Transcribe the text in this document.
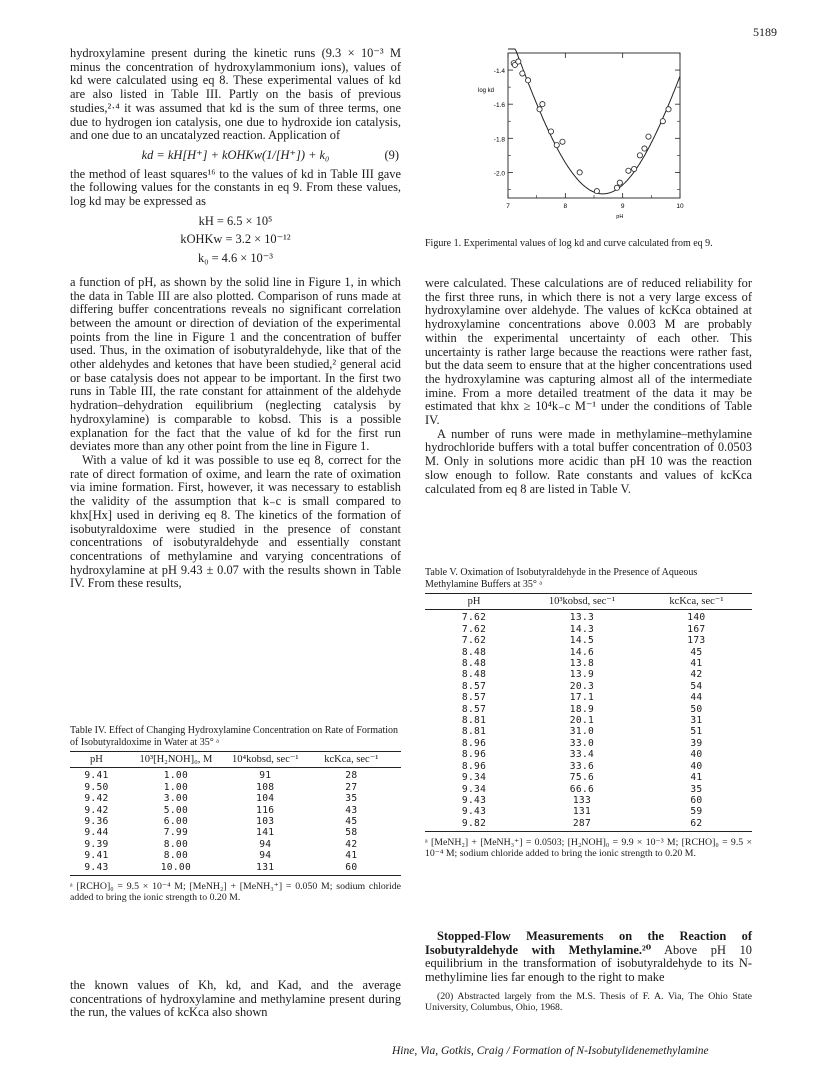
5189

hydroxylamine present during the kinetic runs (9.3 × 10⁻³ M minus the concentration of hydroxylammonium ions), values of kd were calculated using eq 8. These experimental values of kd are also listed in Table III. Partly on the basis of previous studies,²·⁴ it was assumed that kd is the sum of three terms, one due to hydrogen ion catalysis, one due to hydroxide ion catalysis, and one due to an uncatalyzed reaction. Application of

kd = kH[H⁺] + kOHKw(1/[H⁺]) + k₀	(9)

the method of least squares¹⁶ to the values of kd in Table III gave the following values for the constants in eq 9. From these values, log kd may be expressed as

kH = 6.5 × 10⁵
kOHKw = 3.2 × 10⁻¹²
k₀ = 4.6 × 10⁻³

a function of pH, as shown by the solid line in Figure 1, in which the data in Table III are also plotted. Comparison of runs made at differing buffer concentrations reveals no significant correlation between the amount or direction of deviation of the experimental points from the line in Figure 1 and the concentration of buffer used. Thus, in the oximation of isobutyraldehyde, like that of the other aldehydes and ketones that have been studied,² general acid or base catalysis does not appear to be important. In the first two runs in Table III, the rate constant for attainment of the aldehyde hydration–dehydration equilibrium (neglecting catalysis by hydroxylamine) is comparable to kobsd. This is a possible explanation for the fact that the value of kd for the first run deviates more than any other point from the line in Figure 1.

With a value of kd it was possible to use eq 8, correct for the rate of direct formation of oxime, and learn the rate of oximation via imine formation. First, however, it was necessary to establish the validity of the assumption that k₋c is small compared to khx[Hx] used in deriving eq 8. The kinetics of the formation of isobutyraldoxime were studied in the presence of constant concentrations of isobutyraldehyde and essentially constant concentrations of methylamine and varying concentrations of hydroxylamine at pH 9.43 ± 0.07 with the results shown in Table IV. From these results,

Table IV. Effect of Changing Hydroxylamine Concentration on Rate of Formation of Isobutyraldoxime in Water at 35° ᵃ
pH	10³[H₂NOH]₀, M	10⁴kobsd, sec⁻¹	kcKca, sec⁻¹
9.41	1.00	91	28
9.50	1.00	108	27
9.42	3.00	104	35
9.42	5.00	116	43
9.36	6.00	103	45
9.44	7.99	141	58
9.39	8.00	94	42
9.41	8.00	94	41
9.43	10.00	131	60
ᵃ [RCHO]₀ = 9.5 × 10⁻⁴ M; [MeNH₂] + [MeNH₃⁺] = 0.050 M; sodium chloride added to bring the ionic strength to 0.20 M.

the known values of Kh, kd, and Kad, and the average concentrations of hydroxylamine and methylamine present during the run, the values of kcKca also shown

-1.4
-1.6
-1.8
-2.0
7	8	9	10
log kd
pH
Figure 1. Experimental values of log kd and curve calculated from eq 9.

were calculated. These calculations are of reduced reliability for the first three runs, in which there is not a very large excess of hydroxylamine over aldehyde. The values of kcKca obtained at hydroxylamine concentrations above 0.003 M are probably within the experimental uncertainty of each other. This uncertainty is rather large because the reactions were rather fast, but the data seem to ensure that at the higher concentrations used the hydroxylamine was capturing almost all of the intermediate imine. From a more detailed treatment of the data it may be estimated that khx ≥ 10⁴k₋c M⁻¹ under the conditions of Table IV.

A number of runs were made in methylamine–methylamine hydrochloride buffers with a total buffer concentration of 0.0503 M. Only in solutions more acidic than pH 10 was the reaction slow enough to follow. Rate constants and values of kcKca calculated from eq 8 are listed in Table V.

Table V. Oximation of Isobutyraldehyde in the Presence of Aqueous Methylamine Buffers at 35° ᵃ
pH	10³kobsd, sec⁻¹	kcKca, sec⁻¹
7.62	13.3	140
7.62	14.3	167
7.62	14.5	173
8.48	14.6	45
8.48	13.8	41
8.48	13.9	42
8.57	20.3	54
8.57	17.1	44
8.57	18.9	50
8.81	20.1	31
8.81	31.0	51
8.96	33.0	39
8.96	33.4	40
8.96	33.6	40
9.34	75.6	41
9.34	66.6	35
9.43	133	60
9.43	131	59
9.82	287	62
ᵃ [MeNH₂] + [MeNH₃⁺] = 0.0503; [H₂NOH]₀ = 9.9 × 10⁻³ M; [RCHO]₀ = 9.5 × 10⁻⁴ M; sodium chloride added to bring the ionic strength to 0.20 M.

Stopped-Flow Measurements on the Reaction of Isobutyraldehyde with Methylamine.²⁰ Above pH 10 equilibrium in the transformation of isobutyraldehyde to its N-methylimine lies far enough to the right to make

(20) Abstracted largely from the M.S. Thesis of F. A. Via, The Ohio State University, Columbus, Ohio, 1968.
Hine, Via, Gotkis, Craig / Formation of N-Isobutylidenemethylamine
